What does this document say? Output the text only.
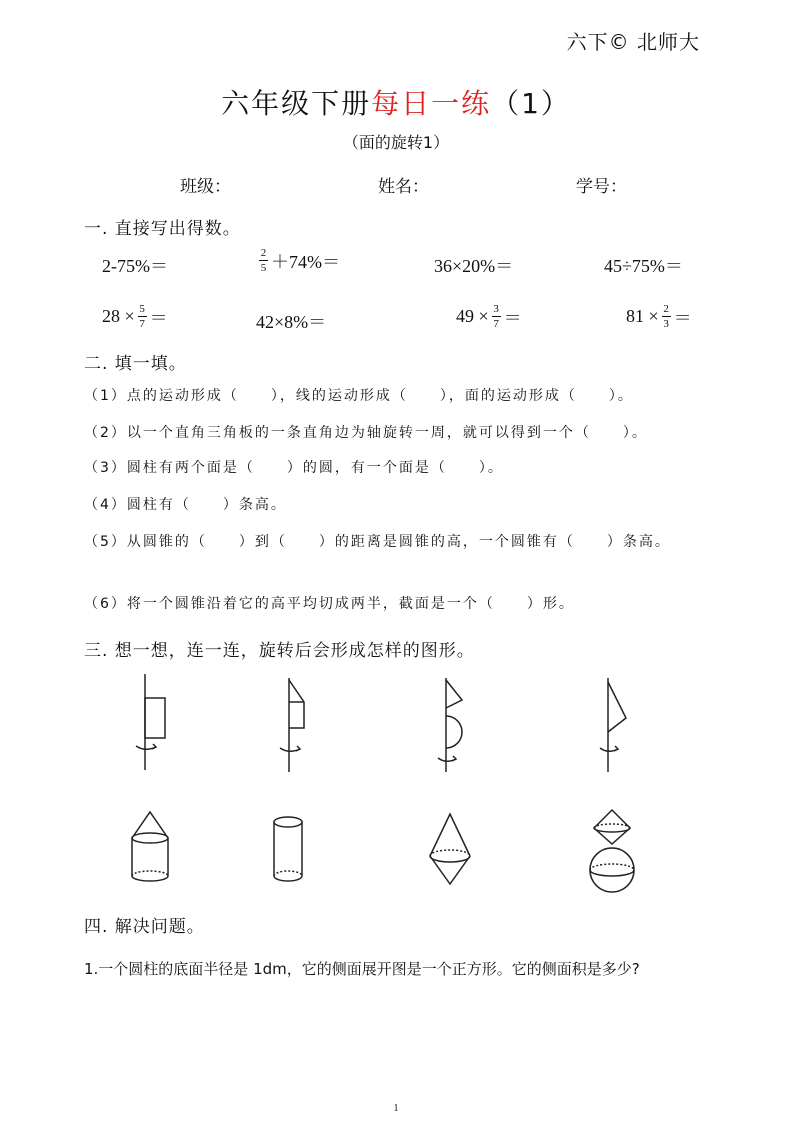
六下© 北师大
六年级下册每日一练（1）
（面的旋转1）
班级：	姓名：	学号：
一. 直接写出得数。
2-75%＝	$\frac{2}{5} +74\%=$	36×20%＝	45÷75%＝
$28 \times \frac{5}{7}$ ＝	42×8%＝	$49 \times \frac{3}{7}$ ＝	$81 \times \frac{2}{3}$ ＝
二. 填一填。
（1）点的运动形成（　　），线的运动形成（　　），面的运动形成（　　）。
（2）以一个直角三角板的一条直角边为轴旋转一周，就可以得到一个（　　）。
（3）圆柱有两个面是（　　）的圆，有一个面是（　　）。
（4）圆柱有（　　）条高。
（5）从圆锥的（　　）到（　　）的距离是圆锥的高，一个圆锥有（　　）条高。
（6）将一个圆锥沿着它的高平均切成两半，截面是一个（　　）形。
三. 想一想，连一连，旋转后会形成怎样的图形。
四. 解决问题。
1.一个圆柱的底面半径是 1dm，它的侧面展开图是一个正方形。它的侧面积是多少?
1
